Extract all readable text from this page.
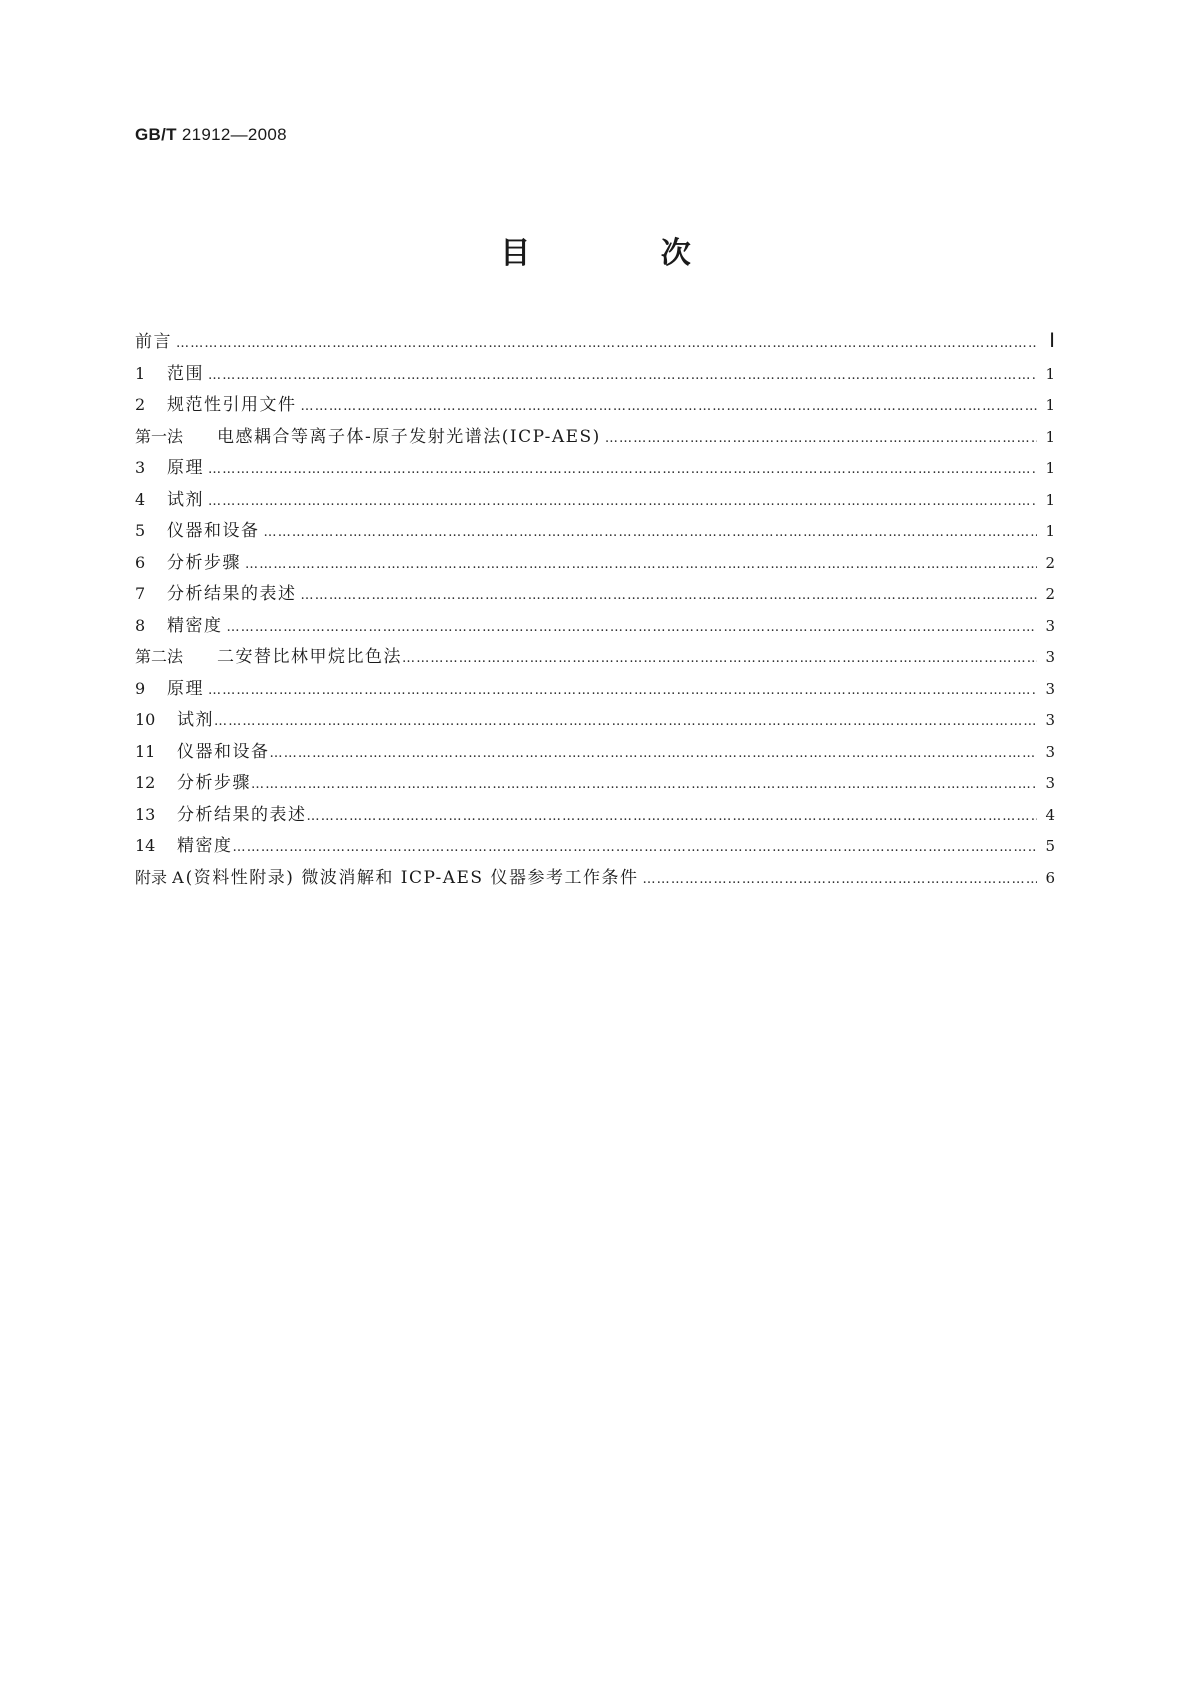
GB/T 21912—2008
目 次
前言 ………………………………………………………………………………………………………………………………………………………………………………………………………………………………………	Ⅰ
1	范围 ………………………………………………………………………………………………………………………………………………………………………………………………………………………………………	1
2	规范性引用文件 ………………………………………………………………………………………………………………………………………………………………………………………………………………………………………	1
第一法	电感耦合等离子体-原子发射光谱法(ICP-AES) ………………………………………………………………………………………………………………………………………………………………………………………………………………………………………	1
3	原理 ………………………………………………………………………………………………………………………………………………………………………………………………………………………………………	1
4	试剂 ………………………………………………………………………………………………………………………………………………………………………………………………………………………………………	1
5	仪器和设备 ………………………………………………………………………………………………………………………………………………………………………………………………………………………………………	1
6	分析步骤 ………………………………………………………………………………………………………………………………………………………………………………………………………………………………………	2
7	分析结果的表述 ………………………………………………………………………………………………………………………………………………………………………………………………………………………………………	2
8	精密度 ………………………………………………………………………………………………………………………………………………………………………………………………………………………………………	3
第二法	二安替比林甲烷比色法 ………………………………………………………………………………………………………………………………………………………………………………………………………………………………………	3
9	原理 ………………………………………………………………………………………………………………………………………………………………………………………………………………………………………	3
10	试剂 ………………………………………………………………………………………………………………………………………………………………………………………………………………………………………	3
11	仪器和设备 ………………………………………………………………………………………………………………………………………………………………………………………………………………………………………	3
12	分析步骤 ………………………………………………………………………………………………………………………………………………………………………………………………………………………………………	3
13	分析结果的表述 ………………………………………………………………………………………………………………………………………………………………………………………………………………………………………	4
14	精密度 ………………………………………………………………………………………………………………………………………………………………………………………………………………………………………	5
附录 A (资料性附录) 微波消解和 ICP-AES 仪器参考工作条件 ………………………………………………………………………………………………………………………………………………………………………………………………………………………………………	6
